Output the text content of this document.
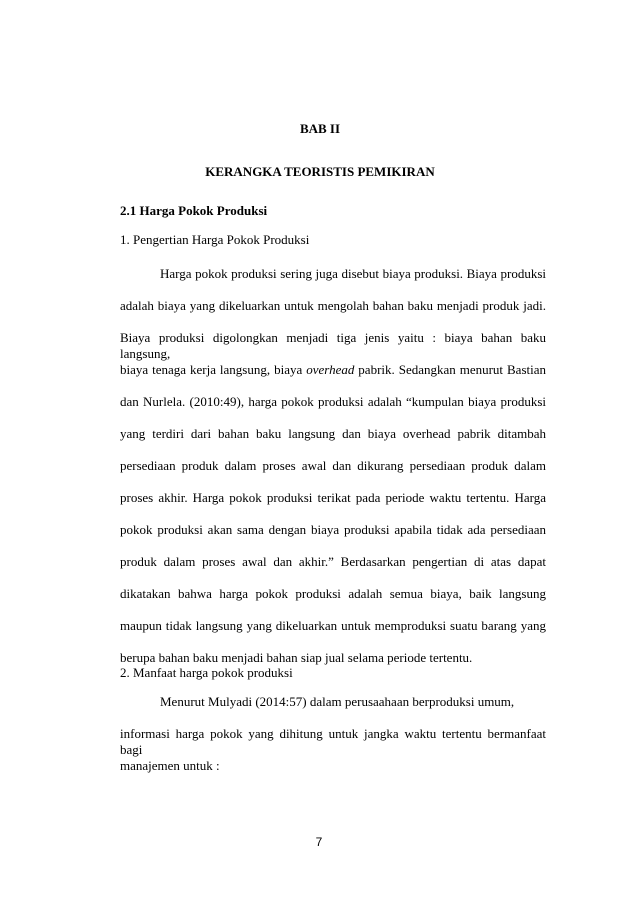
BAB II
KERANGKA TEORISTIS PEMIKIRAN
2.1 Harga Pokok Produksi
1. Pengertian Harga Pokok Produksi
Harga pokok produksi sering juga disebut biaya produksi. Biaya produksi
adalah biaya yang dikeluarkan untuk mengolah bahan baku menjadi produk jadi.
Biaya produksi digolongkan menjadi tiga jenis yaitu : biaya bahan baku langsung,
biaya tenaga kerja langsung, biaya overhead pabrik. Sedangkan menurut Bastian
dan Nurlela. (2010:49), harga pokok produksi adalah “kumpulan biaya produksi
yang terdiri dari bahan baku langsung dan biaya overhead pabrik ditambah
persediaan produk dalam proses awal dan dikurang persediaan produk dalam
proses akhir. Harga pokok produksi terikat pada periode waktu tertentu. Harga
pokok produksi akan sama dengan biaya produksi apabila tidak ada persediaan
produk dalam proses awal dan akhir.” Berdasarkan pengertian di atas dapat
dikatakan bahwa harga pokok produksi adalah semua biaya, baik langsung
maupun tidak langsung yang dikeluarkan untuk memproduksi suatu barang yang
berupa bahan baku menjadi bahan siap jual selama periode tertentu.
2. Manfaat harga pokok produksi
Menurut Mulyadi (2014:57) dalam perusaahaan berproduksi umum,
informasi harga pokok yang dihitung untuk jangka waktu tertentu bermanfaat bagi
manajemen untuk :
7
